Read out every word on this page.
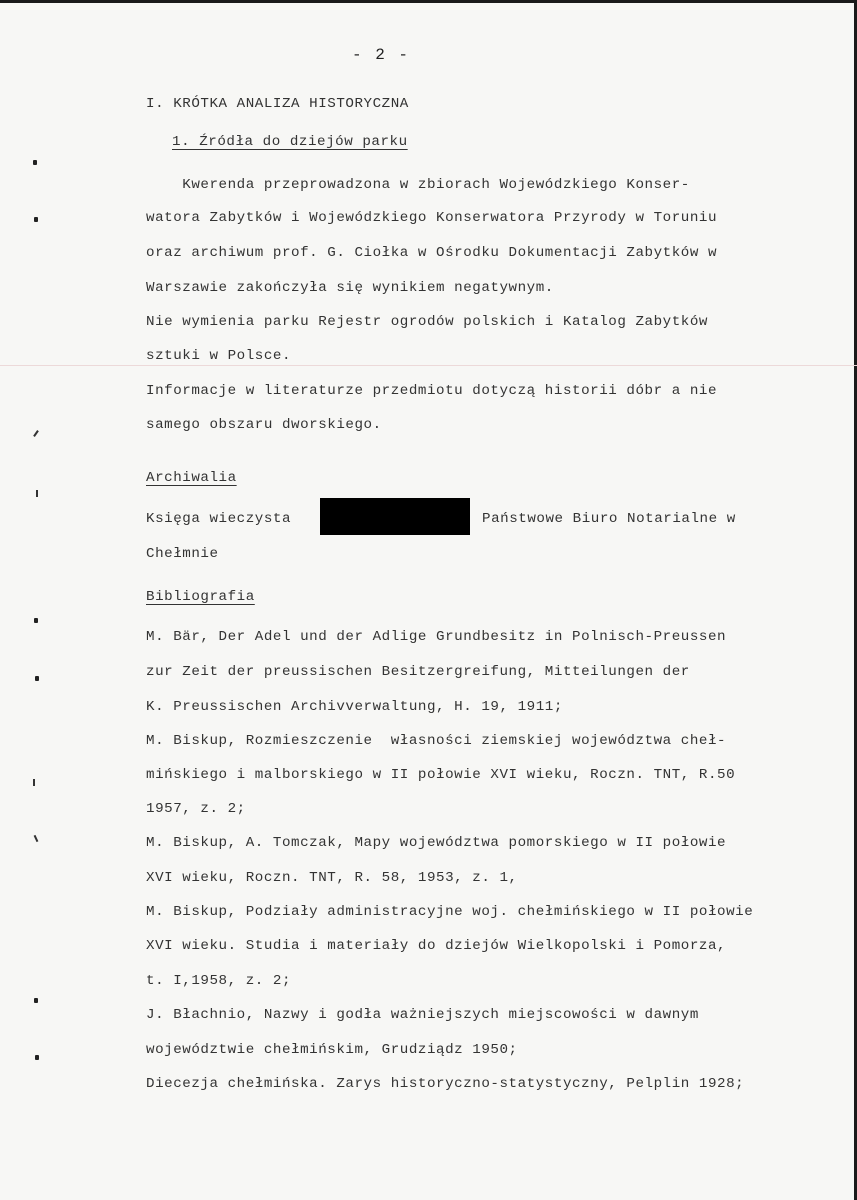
- 2 -
I. KRÓTKA ANALIZA HISTORYCZNA
1. Źródła do dziejów parku
Kwerenda przeprowadzona w zbiorach Wojewódzkiego Konser-
watora Zabytków i Wojewódzkiego Konserwatora Przyrody w Toruniu
oraz archiwum prof. G. Ciołka w Ośrodku Dokumentacji Zabytków w
Warszawie zakończyła się wynikiem negatywnym.
Nie wymienia parku Rejestr ogrodów polskich i Katalog Zabytków
sztuki w Polsce.
Informacje w literaturze przedmiotu dotyczą historii dóbr a nie
samego obszaru dworskiego.
Archiwalia
Księga wieczysta	Państwowe Biuro Notarialne w
Chełmnie
Bibliografia
M. Bär, Der Adel und der Adlige Grundbesitz in Polnisch-Preussen
zur Zeit der preussischen Besitzergreifung, Mitteilungen der
K. Preussischen Archivverwaltung, H. 19, 1911;
M. Biskup, Rozmieszczenie  własności ziemskiej województwa cheł-
mińskiego i malborskiego w II połowie XVI wieku, Roczn. TNT, R.50
1957, z. 2;
M. Biskup, A. Tomczak, Mapy województwa pomorskiego w II połowie
XVI wieku, Roczn. TNT, R. 58, 1953, z. 1,
M. Biskup, Podziały administracyjne woj. chełmińskiego w II połowie
XVI wieku. Studia i materiały do dziejów Wielkopolski i Pomorza,
t. I,1958, z. 2;
J. Błachnio, Nazwy i godła ważniejszych miejscowości w dawnym
województwie chełmińskim, Grudziądz 1950;
Diecezja chełmińska. Zarys historyczno-statystyczny, Pelplin 1928;
